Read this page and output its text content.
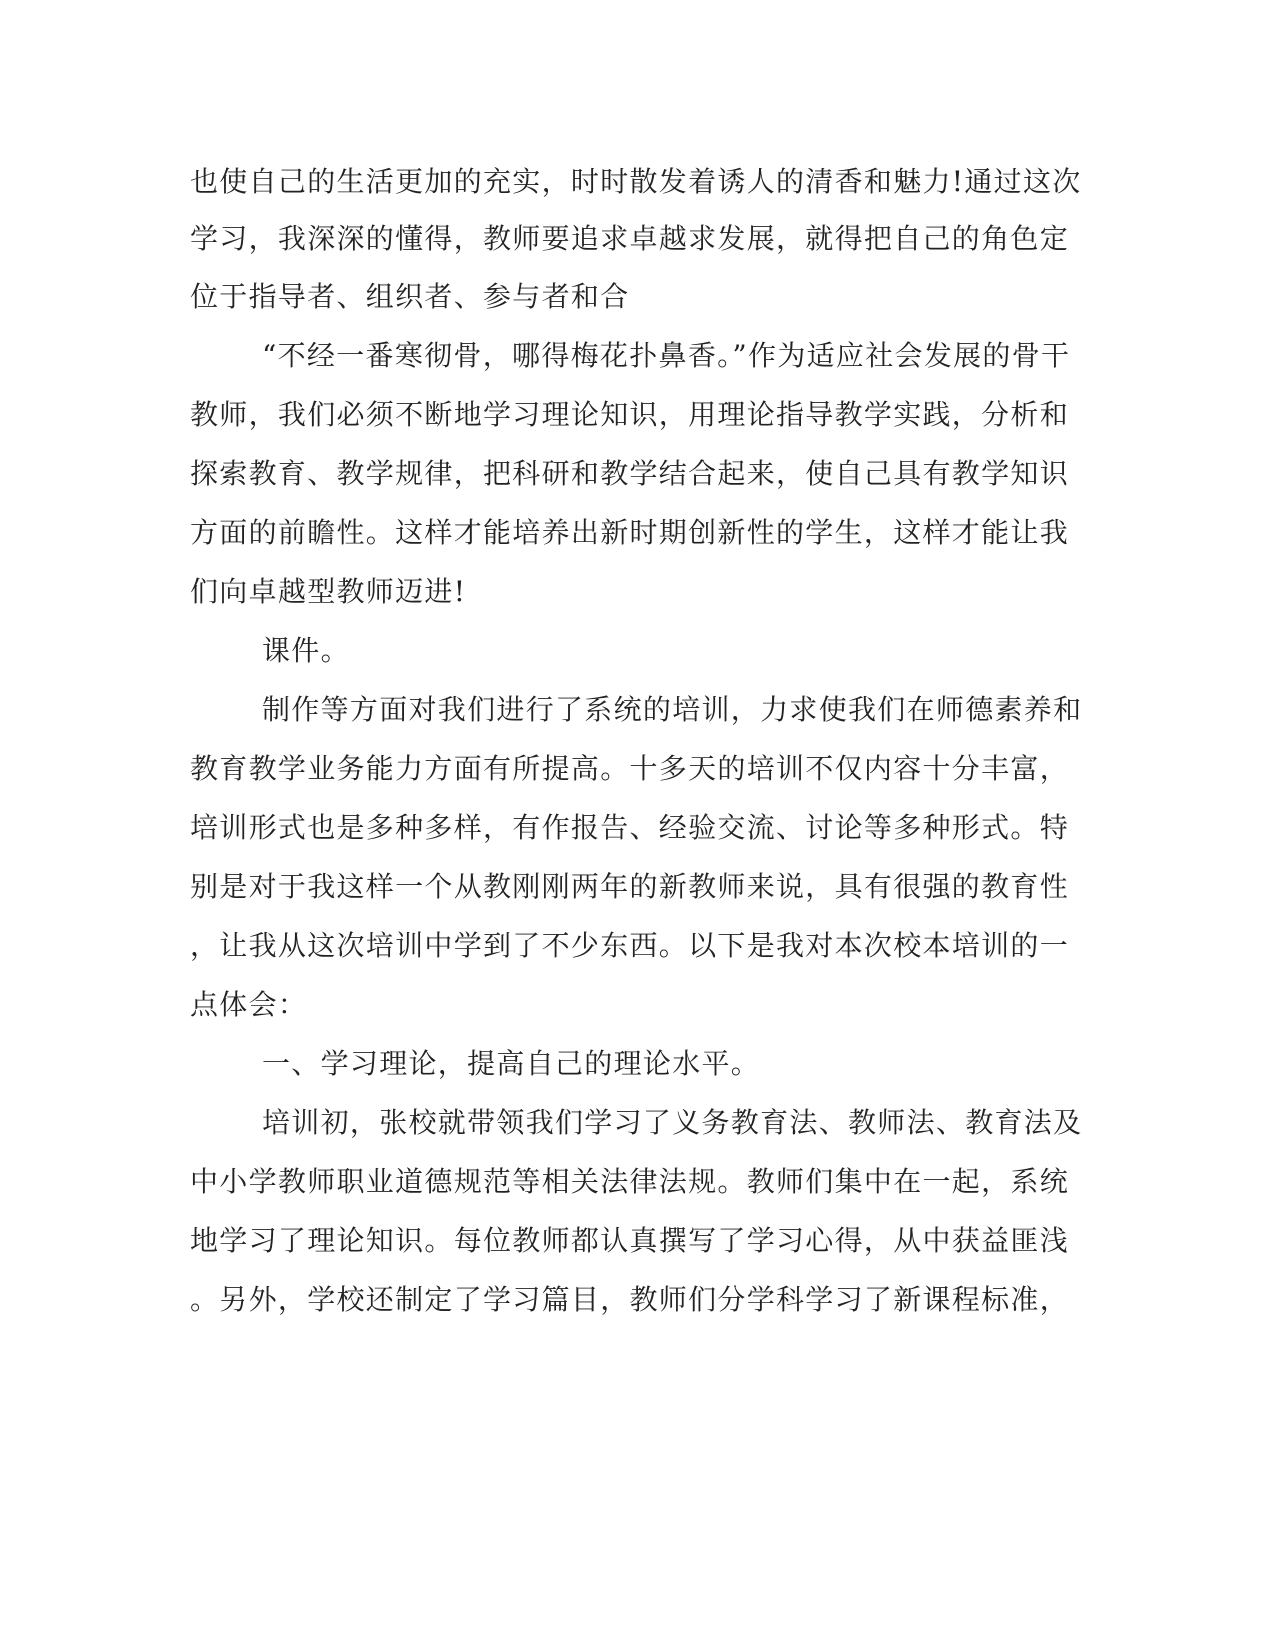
也使自己的生活更加的充实，时时散发着诱人的清香和魅力!通过这次
学习，我深深的懂得，教师要追求卓越求发展，就得把自己的角色定
位于指导者、组织者、参与者和合
“不经一番寒彻骨，哪得梅花扑鼻香。”作为适应社会发展的骨干
教师，我们必须不断地学习理论知识，用理论指导教学实践，分析和
探索教育、教学规律，把科研和教学结合起来，使自己具有教学知识
方面的前瞻性。这样才能培养出新时期创新性的学生，这样才能让我
们向卓越型教师迈进!
课件。
制作等方面对我们进行了系统的培训，力求使我们在师德素养和
教育教学业务能力方面有所提高。十多天的培训不仅内容十分丰富，
培训形式也是多种多样，有作报告、经验交流、讨论等多种形式。特
别是对于我这样一个从教刚刚两年的新教师来说，具有很强的教育性
，让我从这次培训中学到了不少东西。以下是我对本次校本培训的一
点体会：
一、学习理论，提高自己的理论水平。
培训初，张校就带领我们学习了义务教育法、教师法、教育法及
中小学教师职业道德规范等相关法律法规。教师们集中在一起，系统
地学习了理论知识。每位教师都认真撰写了学习心得，从中获益匪浅
。另外，学校还制定了学习篇目，教师们分学科学习了新课程标准，
